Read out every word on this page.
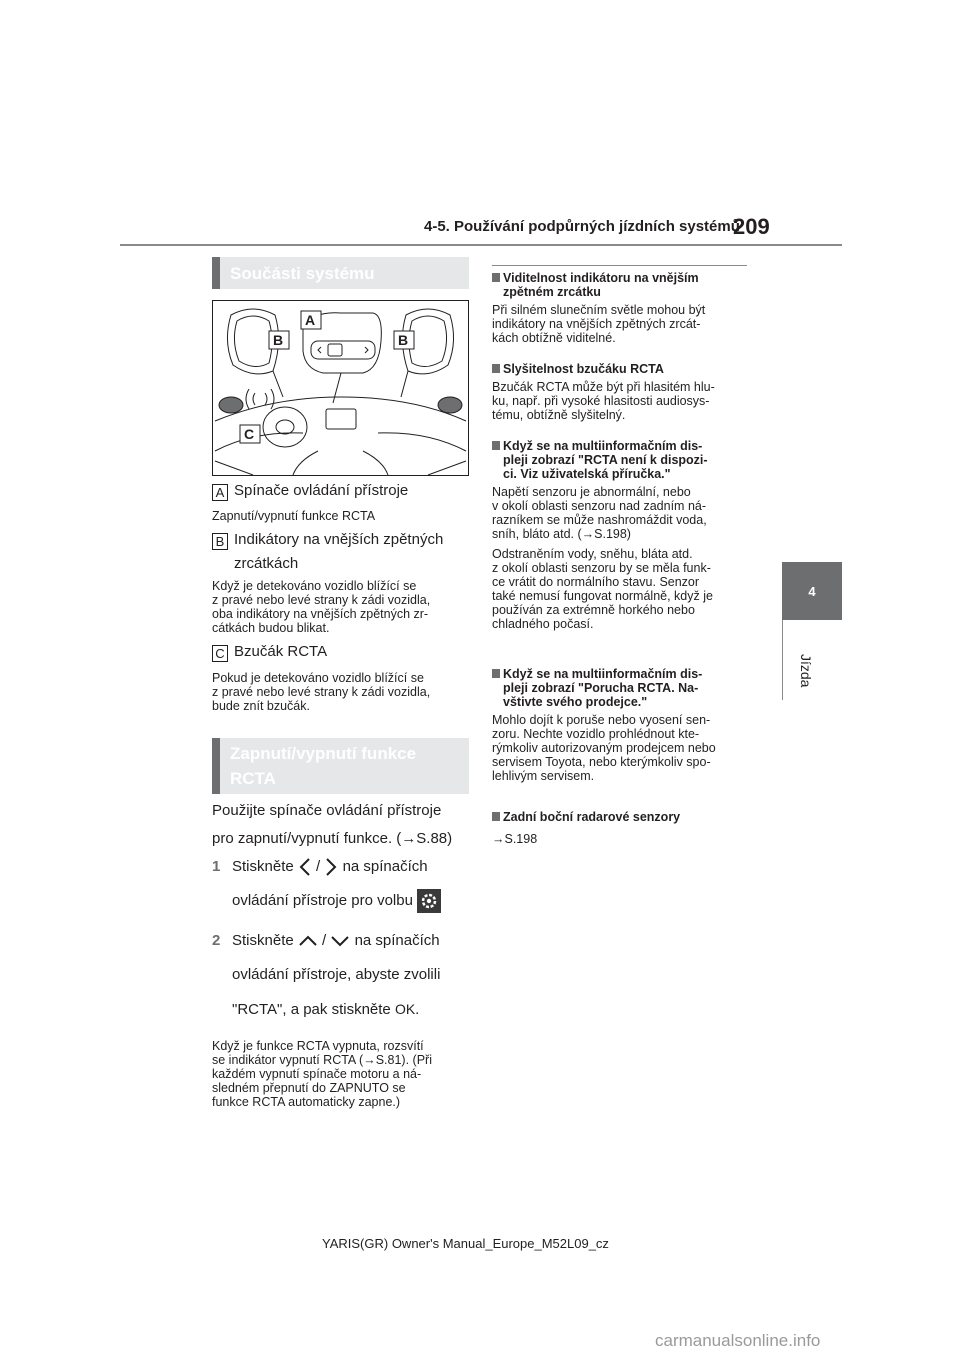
4-5. Používání podpůrných jízdních systémů
209
4
Jízda
Součásti systému
B	B
A
C
A Spínače ovládání přístroje
Zapnutí/vypnutí funkce RCTA
B Indikátory na vnějších zpětných
zrcátkách
Když je detekováno vozidlo blížící se
z pravé nebo levé strany k zádi vozidla,
oba indikátory na vnějších zpětných zr-
cátkách budou blikat.
C Bzučák RCTA
Pokud je detekováno vozidlo blížící se
z pravé nebo levé strany k zádi vozidla,
bude znít bzučák.
Zapnutí/vypnutí funkce
RCTA
Použijte spínače ovládání přístroje
pro zapnutí/vypnutí funkce. (→S.88)
1 Stiskněte / na spínačích
ovládání přístroje pro volbu
2 Stiskněte / na spínačích
ovládání přístroje, abyste zvolili
"RCTA", a pak stiskněte OK.
Když je funkce RCTA vypnuta, rozsvítí
se indikátor vypnutí RCTA (→S.81). (Při
každém vypnutí spínače motoru a ná-
sledném přepnutí do ZAPNUTO se
funkce RCTA automaticky zapne.)
Viditelnost indikátoru na vnějším
zpětném zrcátku
Při silném slunečním světle mohou být
indikátory na vnějších zpětných zrcát-
kách obtížně viditelné.
Slyšitelnost bzučáku RCTA
Bzučák RCTA může být při hlasitém hlu-
ku, např. při vysoké hlasitosti audiosys-
tému, obtížně slyšitelný.
Když se na multiinformačním dis-
pleji zobrazí "RCTA není k dispozi-
ci. Viz uživatelská příručka."
Napětí senzoru je abnormální, nebo
v okolí oblasti senzoru nad zadním ná-
razníkem se může nashromáždit voda,
sníh, bláto atd. (→S.198)
Odstraněním vody, sněhu, bláta atd.
z okolí oblasti senzoru by se měla funk-
ce vrátit do normálního stavu. Senzor
také nemusí fungovat normálně, když je
používán za extrémně horkého nebo
chladného počasí.
Když se na multiinformačním dis-
pleji zobrazí "Porucha RCTA. Na-
vštivte svého prodejce."
Mohlo dojít k poruše nebo vyosení sen-
zoru. Nechte vozidlo prohlédnout kte-
rýmkoliv autorizovaným prodejcem nebo
servisem Toyota, nebo kterýmkoliv spo-
lehlivým servisem.
Zadní boční radarové senzory
→S.198
YARIS(GR) Owner's Manual_Europe_M52L09_cz
carmanualsonline.info
